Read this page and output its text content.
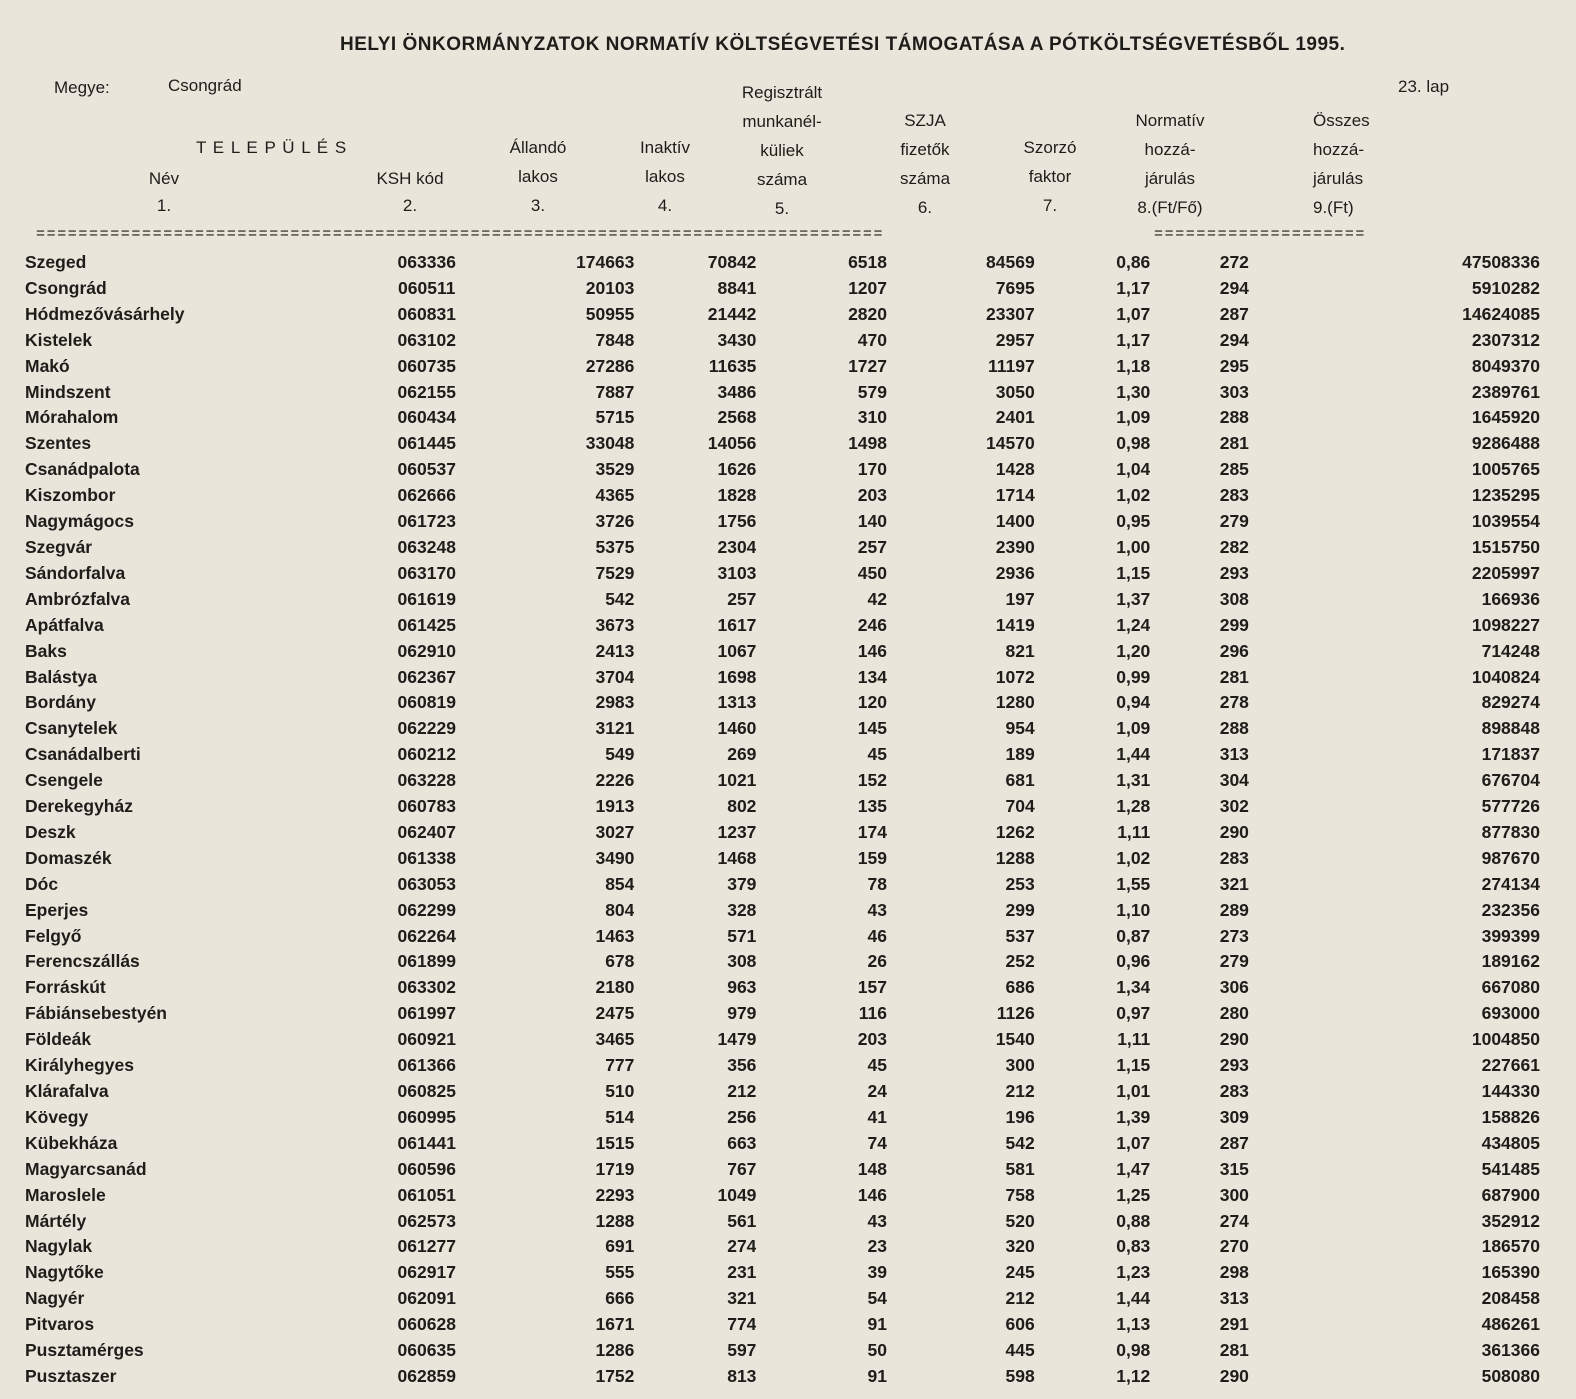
HELYI ÖNKORMÁNYZATOK NORMATÍV KÖLTSÉGVETÉSI TÁMOGATÁSA A PÓTKÖLTSÉGVETÉSBŐL 1995.
Megye:	Csongrád	23. lap
T E L E P Ü L É S
Név
1.
KSH kód
2.
Állandó
lakos
3.
Inaktív
lakos
4.
Regisztrált
munkanél-
küliek
száma
5.
SZJA
fizetők
száma
6.
Szorzó
faktor
7.
Normatív
hozzá-
járulás
8.(Ft/Fő)
Összes
hozzá-
járulás
9.(Ft)
================================================================================	====================
Szeged	063336	174663	70842	6518	84569	0,86	272	47508336
Csongrád	060511	20103	8841	1207	7695	1,17	294	5910282
Hódmezővásárhely	060831	50955	21442	2820	23307	1,07	287	14624085
Kistelek	063102	7848	3430	470	2957	1,17	294	2307312
Makó	060735	27286	11635	1727	11197	1,18	295	8049370
Mindszent	062155	7887	3486	579	3050	1,30	303	2389761
Mórahalom	060434	5715	2568	310	2401	1,09	288	1645920
Szentes	061445	33048	14056	1498	14570	0,98	281	9286488
Csanádpalota	060537	3529	1626	170	1428	1,04	285	1005765
Kiszombor	062666	4365	1828	203	1714	1,02	283	1235295
Nagymágocs	061723	3726	1756	140	1400	0,95	279	1039554
Szegvár	063248	5375	2304	257	2390	1,00	282	1515750
Sándorfalva	063170	7529	3103	450	2936	1,15	293	2205997
Ambrózfalva	061619	542	257	42	197	1,37	308	166936
Apátfalva	061425	3673	1617	246	1419	1,24	299	1098227
Baks	062910	2413	1067	146	821	1,20	296	714248
Balástya	062367	3704	1698	134	1072	0,99	281	1040824
Bordány	060819	2983	1313	120	1280	0,94	278	829274
Csanytelek	062229	3121	1460	145	954	1,09	288	898848
Csanádalberti	060212	549	269	45	189	1,44	313	171837
Csengele	063228	2226	1021	152	681	1,31	304	676704
Derekegyház	060783	1913	802	135	704	1,28	302	577726
Deszk	062407	3027	1237	174	1262	1,11	290	877830
Domaszék	061338	3490	1468	159	1288	1,02	283	987670
Dóc	063053	854	379	78	253	1,55	321	274134
Eperjes	062299	804	328	43	299	1,10	289	232356
Felgyő	062264	1463	571	46	537	0,87	273	399399
Ferencszállás	061899	678	308	26	252	0,96	279	189162
Forráskút	063302	2180	963	157	686	1,34	306	667080
Fábiánsebestyén	061997	2475	979	116	1126	0,97	280	693000
Földeák	060921	3465	1479	203	1540	1,11	290	1004850
Királyhegyes	061366	777	356	45	300	1,15	293	227661
Klárafalva	060825	510	212	24	212	1,01	283	144330
Kövegy	060995	514	256	41	196	1,39	309	158826
Kübekháza	061441	1515	663	74	542	1,07	287	434805
Magyarcsanád	060596	1719	767	148	581	1,47	315	541485
Maroslele	061051	2293	1049	146	758	1,25	300	687900
Mártély	062573	1288	561	43	520	0,88	274	352912
Nagylak	061277	691	274	23	320	0,83	270	186570
Nagytőke	062917	555	231	39	245	1,23	298	165390
Nagyér	062091	666	321	54	212	1,44	313	208458
Pitvaros	060628	1671	774	91	606	1,13	291	486261
Pusztamérges	060635	1286	597	50	445	0,98	281	361366
Pusztaszer	062859	1752	813	91	598	1,12	290	508080
